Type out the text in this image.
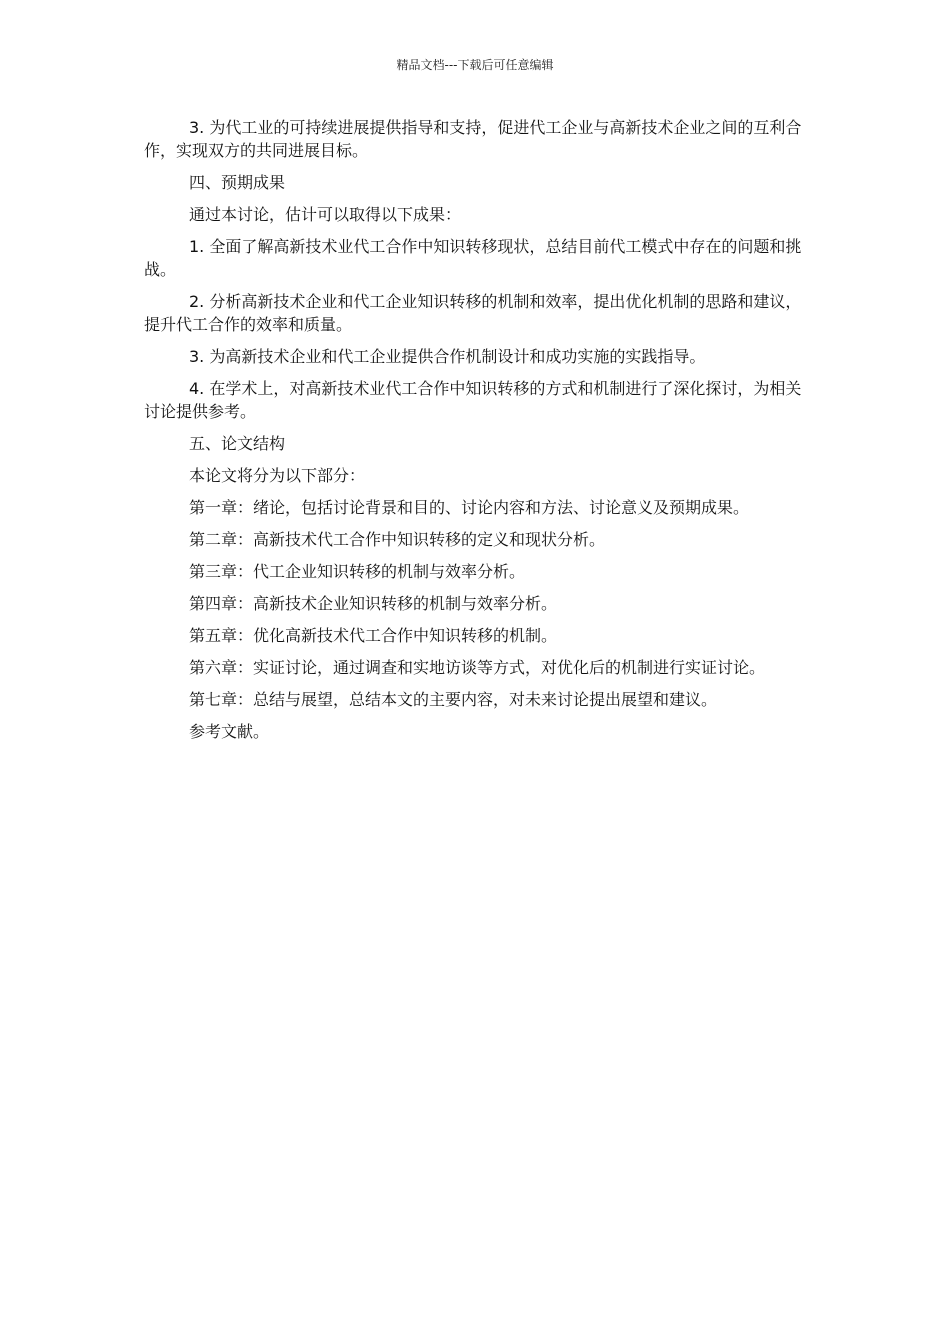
精品文档---下载后可任意编辑

3. 为代工业的可持续进展提供指导和支持，促进代工企业与高新技术企业之间的互利合作，实现双方的共同进展目标。

四、预期成果

通过本讨论，估计可以取得以下成果：

1. 全面了解高新技术业代工合作中知识转移现状，总结目前代工模式中存在的问题和挑战。

2. 分析高新技术企业和代工企业知识转移的机制和效率，提出优化机制的思路和建议，提升代工合作的效率和质量。

3. 为高新技术企业和代工企业提供合作机制设计和成功实施的实践指导。

4. 在学术上，对高新技术业代工合作中知识转移的方式和机制进行了深化探讨，为相关讨论提供参考。

五、论文结构

本论文将分为以下部分：

第一章：绪论，包括讨论背景和目的、讨论内容和方法、讨论意义及预期成果。

第二章：高新技术代工合作中知识转移的定义和现状分析。

第三章：代工企业知识转移的机制与效率分析。

第四章：高新技术企业知识转移的机制与效率分析。

第五章：优化高新技术代工合作中知识转移的机制。

第六章：实证讨论，通过调查和实地访谈等方式，对优化后的机制进行实证讨论。

第七章：总结与展望，总结本文的主要内容，对未来讨论提出展望和建议。

参考文献。
